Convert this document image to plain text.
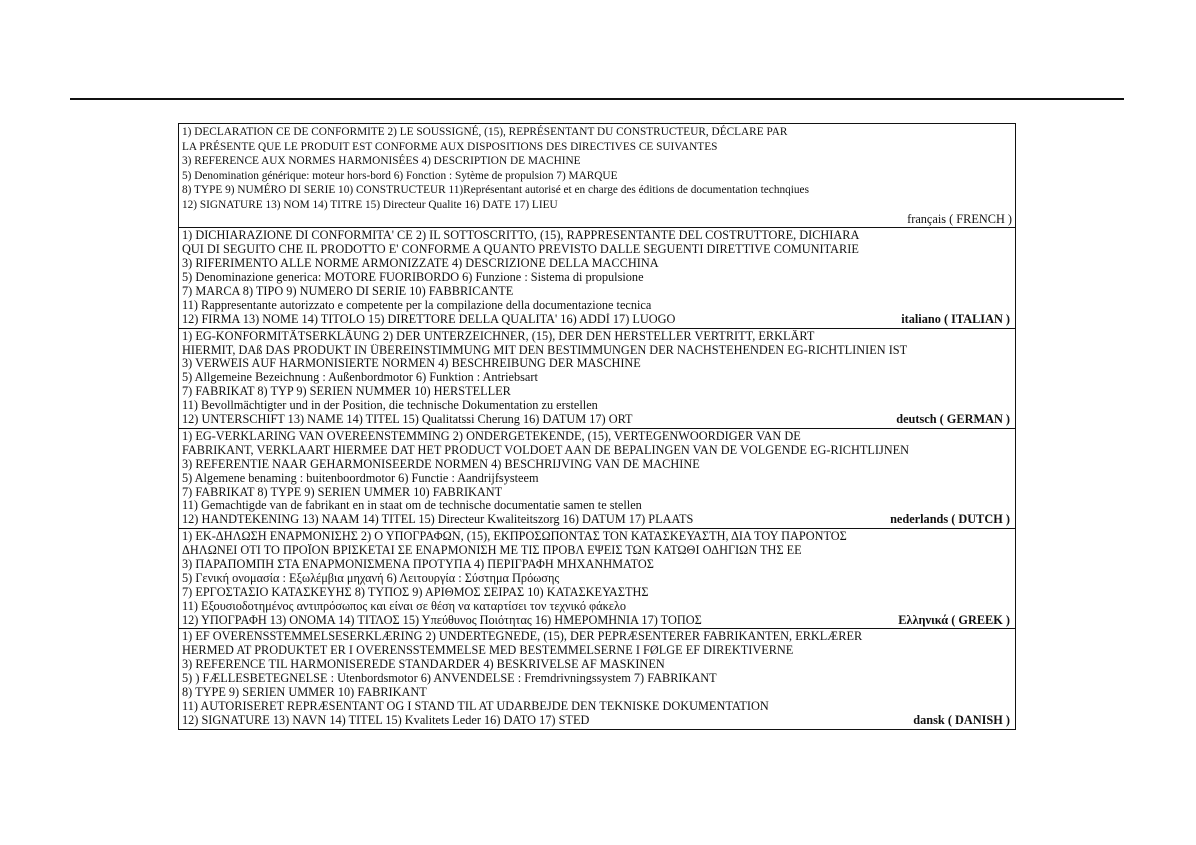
1) DECLARATION CE DE CONFORMITE 2) LE SOUSSIGNÉ, (15), REPRÉSENTANT DU CONSTRUCTEUR, DÉCLARE PAR
LA PRÉSENTE QUE LE PRODUIT EST CONFORME AUX DISPOSITIONS DES DIRECTIVES CE SUIVANTES
3) REFERENCE AUX NORMES HARMONISÉES 4) DESCRIPTION DE MACHINE
5) Denomination générique: moteur hors-bord 6) Fonction : Sytème de propulsion 7) MARQUE
8) TYPE 9) NUMÉRO DI SERIE 10) CONSTRUCTEUR 11)Représentant autorisé et en charge des éditions de documentation technqiues
12) SIGNATURE 13) NOM 14) TITRE 15) Directeur Qualite 16) DATE 17) LIEU
français ( FRENCH )
1) DICHIARAZIONE DI CONFORMITA' CE 2) IL SOTTOSCRITTO, (15), RAPPRESENTANTE DEL COSTRUTTORE, DICHIARA
QUI DI SEGUITO CHE IL PRODOTTO E' CONFORME A QUANTO PREVISTO DALLE SEGUENTI DIRETTIVE COMUNITARIE
3) RIFERIMENTO ALLE NORME ARMONIZZATE 4) DESCRIZIONE DELLA MACCHINA
5) Denominazione generica: MOTORE FUORIBORDO 6) Funzione : Sistema di propulsione
7) MARCA 8) TIPO 9) NUMERO DI SERIE 10) FABBRICANTE
11) Rappresentante autorizzato e competente per la compilazione della documentazione tecnica
12) FIRMA 13) NOME 14) TITOLO 15) DIRETTORE DELLA QUALITA' 16) ADDÌ 17) LUOGO	italiano ( ITALIAN )
1) EG-KONFORMITÄTSERKLÄUNG 2) DER UNTERZEICHNER, (15), DER DEN HERSTELLER VERTRITT, ERKLÄRT
HIERMIT, DAß DAS PRODUKT IN ÜBEREINSTIMMUNG MIT DEN BESTIMMUNGEN DER NACHSTEHENDEN EG-RICHTLINIEN IST
3) VERWEIS AUF HARMONISIERTE NORMEN 4) BESCHREIBUNG DER MASCHINE
5) Allgemeine Bezeichnung : Außenbordmotor 6) Funktion : Antriebsart
7) FABRIKAT 8) TYP 9) SERIEN NUMMER 10) HERSTELLER
11) Bevollmächtigter und in der Position, die technische Dokumentation zu erstellen
12) UNTERSCHIFT 13) NAME 14) TITEL 15) Qualitatssi Cherung 16) DATUM 17) ORT	deutsch ( GERMAN )
1) EG-VERKLARING VAN OVEREENSTEMMING 2) ONDERGETEKENDE, (15), VERTEGENWOORDIGER VAN DE
FABRIKANT, VERKLAART HIERMEE DAT HET PRODUCT VOLDOET AAN DE BEPALINGEN VAN DE VOLGENDE EG-RICHTLIJNEN
3) REFERENTIE NAAR GEHARMONISEERDE NORMEN 4) BESCHRIJVING VAN DE MACHINE
5) Algemene benaming : buitenboordmotor 6) Functie : Aandrijfsysteem
7) FABRIKAT 8) TYPE 9) SERIEN UMMER 10) FABRIKANT
11) Gemachtigde van de fabrikant en in staat om de technische documentatie samen te stellen
12) HANDTEKENING 13) NAAM 14) TITEL 15) Directeur Kwaliteitszorg 16) DATUM 17) PLAATS	nederlands ( DUTCH )
1) ΕΚ-ΔΗΛΩΣΗ ΕΝΑΡΜΟΝΙΣΗΣ 2) Ο ΥΠΟΓΡΑΦΩΝ, (15), ΕΚΠΡΟΣΩΠΟΝΤΑΣ ΤΟΝ ΚΑΤΑΣΚΕΥΑΣΤΗ, ΔΙΑ ΤΟΥ ΠΑΡΟΝΤΟΣ
ΔΗΛΩΝΕΙ ΟΤΙ ΤΟ ΠΡΟΪΟΝ ΒΡΙΣΚΕΤΑΙ ΣΕ ΕΝΑΡΜΟΝΙΣΗ ΜΕ ΤΙΣ ΠΡΟΒΛ ΕΨΕΙΣ ΤΩΝ ΚΑΤΩΘΙ ΟΔΗΓΙΩΝ ΤΗΣ ΕΕ
3) ΠΑΡΑΠΟΜΠΗ ΣΤΑ ΕΝΑΡΜΟΝΙΣΜΕΝΑ ΠΡΟΤΥΠΑ 4) ΠΕΡΙΓΡΑΦΗ ΜΗΧΑΝΗΜΑΤΟΣ
5) Γενική ονομασία : Εξωλέμβια μηχανή 6) Λειτουργία : Σύστημα Πρόωσης
7) ΕΡΓΟΣΤΑΣΙΟ ΚΑΤΑΣΚΕΥΗΣ 8) ΤΥΠΟΣ 9) ΑΡΙΘΜΟΣ ΣΕΙΡΑΣ 10) ΚΑΤΑΣΚΕΥΑΣΤΗΣ
11) Εξουσιοδοτημένος αντιπρόσωπος και είναι σε θέση να καταρτίσει τον τεχνικό φάκελο
12) ΥΠΟΓΡΑΦΗ 13) ΟΝΟΜΑ 14) ΤΙΤΛΟΣ 15) Υπεύθυνος Ποιότητας 16) ΗΜΕΡΟΜΗΝΙΑ 17) ΤΟΠΟΣ	Ελληνικά ( GREEK )
1) EF OVERENSSTEMMELSESERKLÆRING 2) UNDERTEGNEDE, (15), DER PEPRÆSENTERER FABRIKANTEN, ERKLÆRER
HERMED AT PRODUKTET ER I OVERENSSTEMMELSE MED BESTEMMELSERNE I FØLGE EF DIREKTIVERNE
3) REFERENCE TIL HARMONISEREDE STANDARDER 4) BESKRIVELSE AF MASKINEN
5) ) FÆLLESBETEGNELSE : Utenbordsmotor 6) ANVENDELSE : Fremdrivningssystem 7) FABRIKANT
8) TYPE 9) SERIEN UMMER 10) FABRIKANT
11) AUTORISERET REPRÆSENTANT OG I STAND TIL AT UDARBEJDE DEN TEKNISKE DOKUMENTATION
12) SIGNATURE 13) NAVN 14) TITEL 15) Kvalitets Leder 16) DATO 17) STED	dansk ( DANISH )
